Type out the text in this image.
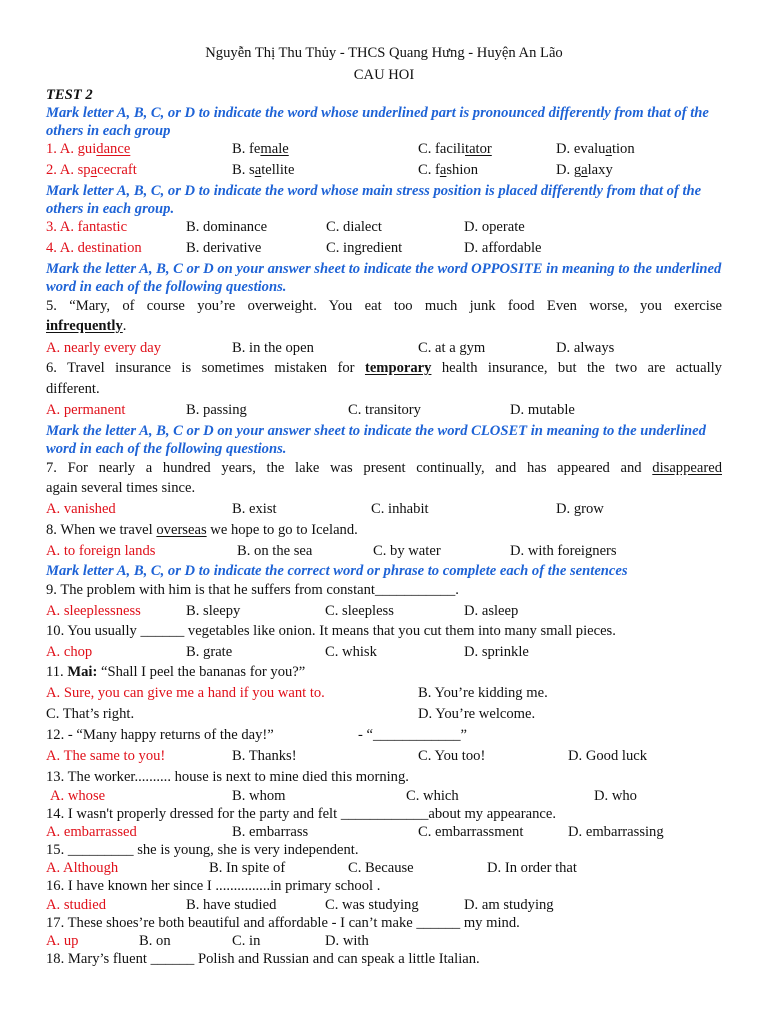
Nguyễn Thị Thu Thủy - THCS Quang Hưng - Huyện An Lão
CAU HOI
TEST 2
Mark letter A, B, C, or D to indicate the word whose underlined part is pronounced differently from that of the others in each group
1. A. guidance	B. female	C. facilitator	D. evaluation
2. A. spacecraft	B. satellite	C. fashion	D. galaxy
Mark letter A, B, C, or D to indicate the word whose main stress position is placed differently from that of the others in each group.
3. A. fantastic	B. dominance	C. dialect	D. operate
4. A. destination	B. derivative	C. ingredient	D. affordable
Mark the letter A, B, C or D on your answer sheet to indicate the word OPPOSITE in meaning to the underlined word in each of the following questions.
5. “Mary, of course you’re overweight. You eat too much junk food Even worse, you exercise
infrequently.
A. nearly every day	B. in the open	C. at a gym	D. always
6. Travel insurance is sometimes mistaken for temporary health insurance, but the two are actually
different.
A. permanent	B. passing	C. transitory	D. mutable
Mark the letter A, B, C or D on your answer sheet to indicate the word CLOSET in meaning to the underlined word in each of the following questions.
7. For nearly a hundred years, the lake was present continually, and has appeared and disappeared
again several times since.
A. vanished	B. exist	C. inhabit	D. grow
8. When we travel overseas we hope to go to Iceland.
A. to foreign lands	B. on the sea	C. by water	D. with foreigners
Mark letter A, B, C, or D to indicate the correct word or phrase to complete each of the sentences
9. The problem with him is that he suffers from constant___________.
A. sleeplessness	B. sleepy	C. sleepless	D. asleep
10. You usually ______ vegetables like onion. It means that you cut them into many small pieces.
A. chop	B. grate	C. whisk	D. sprinkle
11. Mai: “Shall I peel the bananas for you?”
A. Sure, you can give me a hand if you want to.	B. You’re kidding me.
C. That’s right.	D. You’re welcome.
12. - “Many happy returns of the day!”	- “____________”
A. The same to you!	B. Thanks!	C. You too!	D. Good luck
13. The worker.......... house is next to mine died this morning.
A. whose	B. whom	C. which	D. who
14. I wasn't properly dressed for the party and felt ____________about my appearance.
A. embarrassed	B. embarrass	C. embarrassment	D. embarrassing
15. _________ she is young, she is very independent.
A. Although	B. In spite of	C. Because	D. In order that
16. I have known her since I ...............in primary school .
A. studied	B. have studied	C. was studying	D. am studying
17. These shoes’re both beautiful and affordable - I can’t make ______ my mind.
A. up	B. on	C. in	D. with
18. Mary’s fluent ______ Polish and Russian and can speak a little Italian.
